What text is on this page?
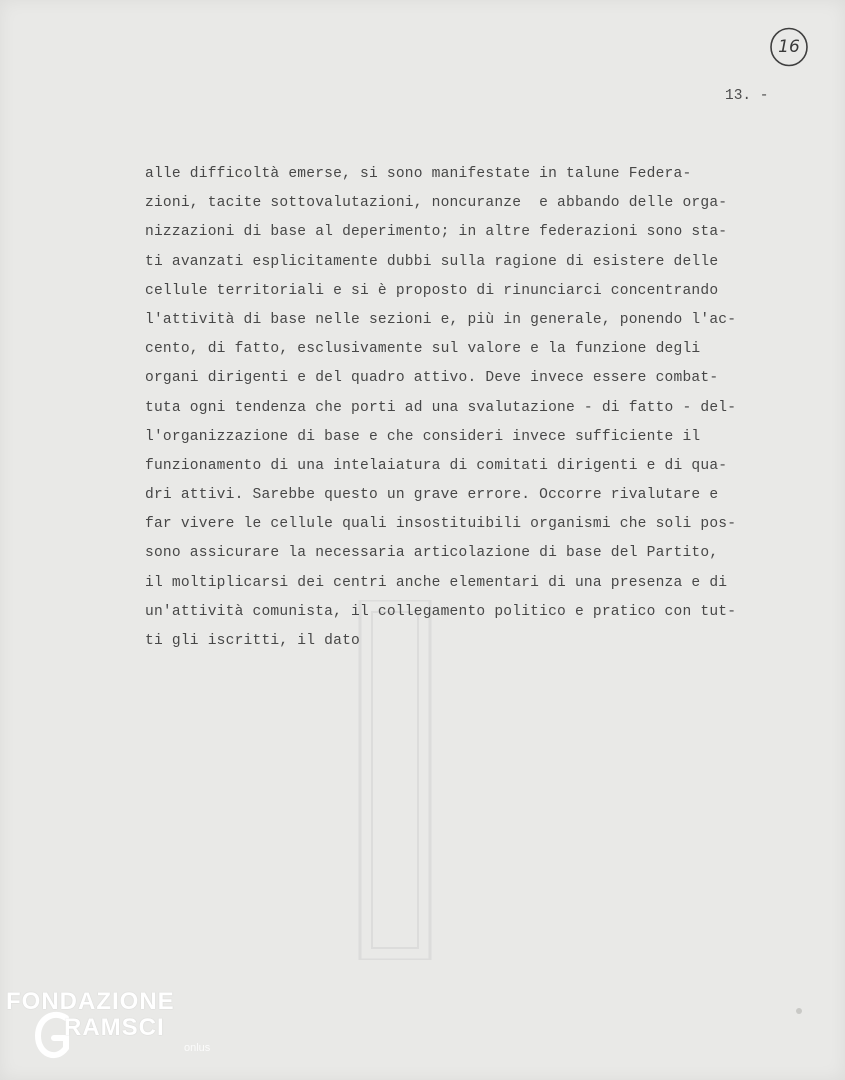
16
13. -
alle difficoltà emerse, si sono manifestate in talune Federa-
zioni, tacite sottovalutazioni, noncuranze  e abbando delle orga-
nizzazioni di base al deperimento; in altre federazioni sono sta-
ti avanzati esplicitamente dubbi sulla ragione di esistere delle
cellule territoriali e si è proposto di rinunciarci concentrando
l'attività di base nelle sezioni e, più in generale, ponendo l'ac-
cento, di fatto, esclusivamente sul valore e la funzione degli
organi dirigenti e del quadro attivo. Deve invece essere combat-
tuta ogni tendenza che porti ad una svalutazione - di fatto - del-
l'organizzazione di base e che consideri invece sufficiente il
funzionamento di una intelaiatura di comitati dirigenti e di qua-
dri attivi. Sarebbe questo un grave errore. Occorre rivalutare e
far vivere le cellule quali insostituibili organismi che soli pos-
sono assicurare la necessaria articolazione di base del Partito,
il moltiplicarsi dei centri anche elementari di una presenza e di
un'attività comunista, il collegamento politico e pratico con tut-
ti gli iscritti, il dato
FONDAZIONE
RAMSCI
onlus
